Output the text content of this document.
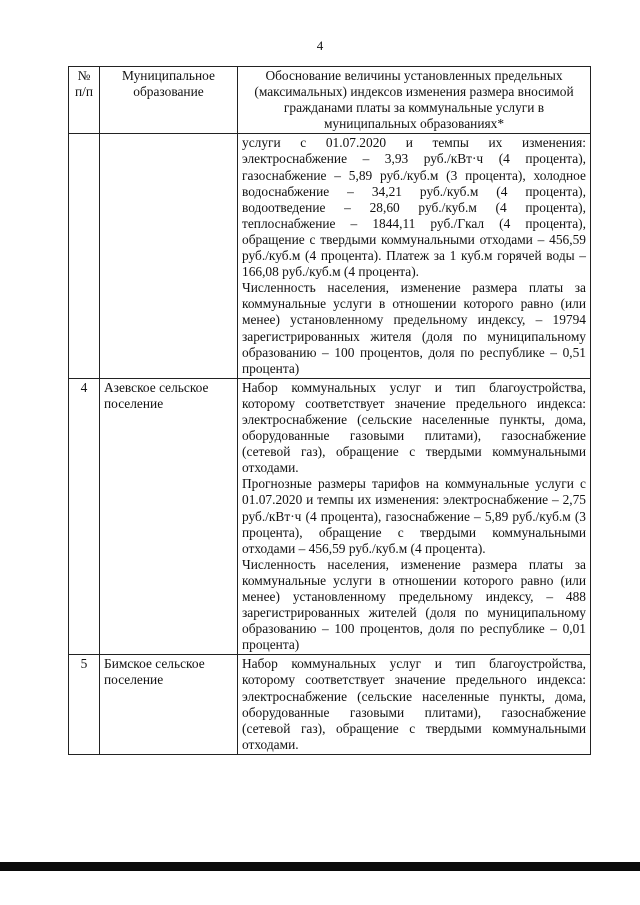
4
№ п/п	Муниципальное образование	Обоснование величины установленных предельных (максимальных) индексов изменения размера вносимой гражданами платы за коммунальные услуги в муниципальных образованиях*

		услуги с 01.07.2020 и темпы их изменения: электроснабжение – 3,93 руб./кВт·ч (4 процента), газоснабжение – 5,89 руб./куб.м (3 процента), холодное водоснабжение – 34,21 руб./куб.м (4 процента), водоотведение – 28,60 руб./куб.м (4 процента), теплоснабжение – 1844,11 руб./Гкал (4 процента), обращение с твердыми коммунальными отходами – 456,59 руб./куб.м (4 процента). Платеж за 1 куб.м горячей воды – 166,08 руб./куб.м (4 процента).

Численность населения, изменение размера платы за коммунальные услуги в отношении которого равно (или менее) установленному предельному индексу, – 19794 зарегистрированных жителя (доля по муниципальному образованию – 100 процентов, доля по республике – 0,51 процента)

4	Азевское сельское поселение	Набор коммунальных услуг и тип благоустройства, которому соответствует значение предельного индекса: электроснабжение (сельские населенные пункты, дома, оборудованные газовыми плитами), газоснабжение (сетевой газ), обращение с твердыми коммунальными отходами.

Прогнозные размеры тарифов на коммунальные услуги с 01.07.2020 и темпы их изменения: электроснабжение – 2,75 руб./кВт·ч (4 процента), газоснабжение – 5,89 руб./куб.м (3 процента), обращение с твердыми коммунальными отходами – 456,59 руб./куб.м (4 процента).

Численность населения, изменение размера платы за коммунальные услуги в отношении которого равно (или менее) установленному предельному индексу, – 488 зарегистрированных жителей (доля по муниципальному образованию – 100 процентов, доля по республике – 0,01 процента)

5	Бимское сельское поселение	Набор коммунальных услуг и тип благоустройства, которому соответствует значение предельного индекса: электроснабжение (сельские населенные пункты, дома, оборудованные газовыми плитами), газоснабжение (сетевой газ), обращение с твердыми коммунальными отходами.
